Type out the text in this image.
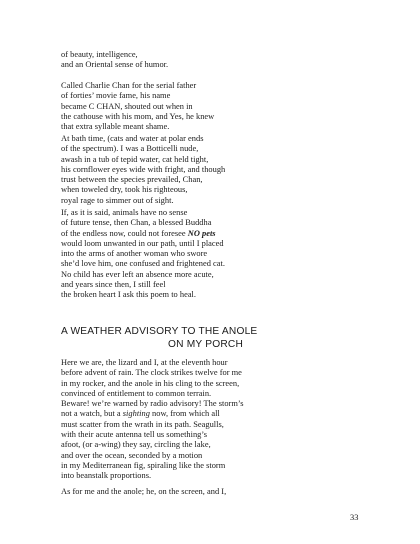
of beauty, intelligence,
and an Oriental sense of humor.
Called Charlie Chan for the serial father
of forties’ movie fame, his name
became C CHAN, shouted out when in
the cathouse with his mom, and Yes, he knew
that extra syllable meant shame.
At bath time, (cats and water at polar ends
of the spectrum). I was a Botticelli nude,
awash in a tub of tepid water, cat held tight,
his cornflower eyes wide with fright, and though
trust between the species prevailed, Chan,
when toweled dry, took his righteous,
royal rage to simmer out of sight.
If, as it is said, animals have no sense
of future tense, then Chan, a blessed Buddha
of the endless now, could not foresee NO pets
would loom unwanted in our path, until I placed
into the arms of another woman who swore
she’d love him, one confused and frightened cat.
No child has ever left an absence more acute,
and years since then, I still feel
the broken heart I ask this poem to heal.
A WEATHER ADVISORY TO THE ANOLE
ON MY PORCH
Here we are, the lizard and I, at the eleventh hour
before advent of rain. The clock strikes twelve for me
in my rocker, and the anole in his cling to the screen,
convinced of entitlement to common terrain.
Beware! we’re warned by radio advisory! The storm’s
not a watch, but a sighting now, from which all
must scatter from the wrath in its path. Seagulls,
with their acute antenna tell us something’s
afoot, (or a-wing) they say, circling the lake,
and over the ocean, seconded by a motion
in my Mediterranean fig, spiraling like the storm
into beanstalk proportions.
As for me and the anole; he, on the screen, and I,
33
